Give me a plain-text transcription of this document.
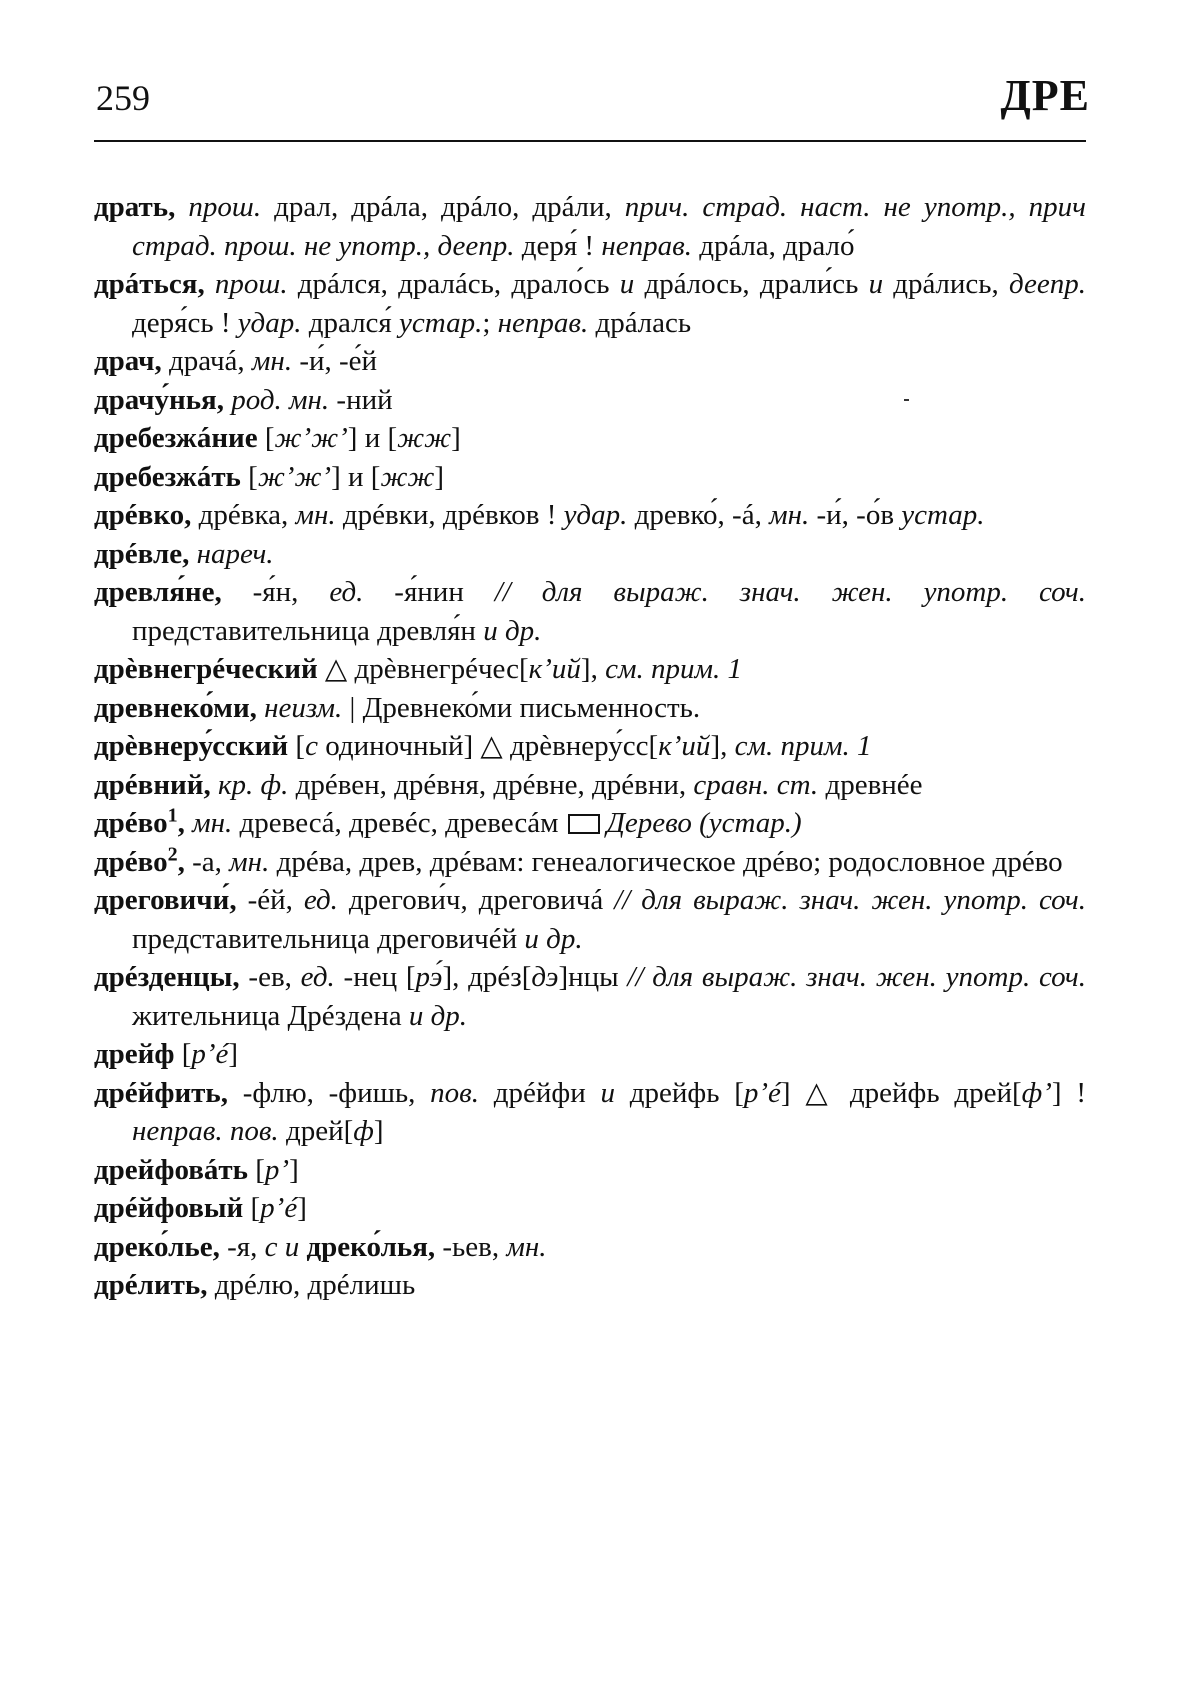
259	ДРЕ

драть, прош. драл, дрáла, дрáло, дрáли, прич. страд. наст. не употр., прич страд. прош. не употр., деепр. деря́ ! неправ. дрáла, драло́

дрáться, прош. дрáлся, дралáсь, драло́сь и дрáлось, драли́сь и дрáлись, деепр. деря́сь ! удар. дрался́ устар.; неправ. дрáлась

драч, драчá, мн. -и́, -е́й

драчу́нья, род. мн. -ний

дребезжáние [жʼжʼ] и [жж]

дребезжáть [жʼжʼ] и [жж]

дрéвко, дрéвка, мн. дрéвки, дрéвков ! удар. древко́, -á, мн. -и́, -о́в устар.

дрéвле, нареч.

древля́не, -я́н, ед. -я́нин // для выраж. знач. жен. употр. соч. представительница древля́н и др.

дрѐвнегрéческий △ дрѐвнегрéчес[кʼий], см. прим. 1

древнеко́ми, неизм. | Древнеко́ми письменность.

дрѐвнеру́сский [с одиночный] △ дрѐвнеру́сс[кʼий], см. прим. 1

дрéвний, кр. ф. дрéвен, дрéвня, дрéвне, дрéвни, сравн. ст. древнéе

дрéво$^1$, мн. древесá, древéс, древесáм Дерево (устар.)

дрéво$^2$, -а, мн. дрéва, древ, дрéвам: генеалогическое дрéво; родословное дрéво

дреговичи́, -éй, ед. дрегови́ч, дреговичá // для выраж. знач. жен. употр. соч. представительница дреговичéй и др.

дрéзденцы, -ев, ед. -нец [рэ́], дрéз[дэ]нцы // для выраж. знач. жен. употр. соч. жительница Дрéздена и др.

дрейф [рʼé]

дрéйфить, -флю, -фишь, пов. дрéйфи и дрейфь [рʼé] △ дрейфь дрей[фʼ] ! неправ. пов. дрей[ф]

дрейфовáть [рʼ]

дрéйфовый [рʼé]

дреко́лье, -я, с и дреко́лья, -ьев, мн.

дрéлить, дрéлю, дрéлишь
